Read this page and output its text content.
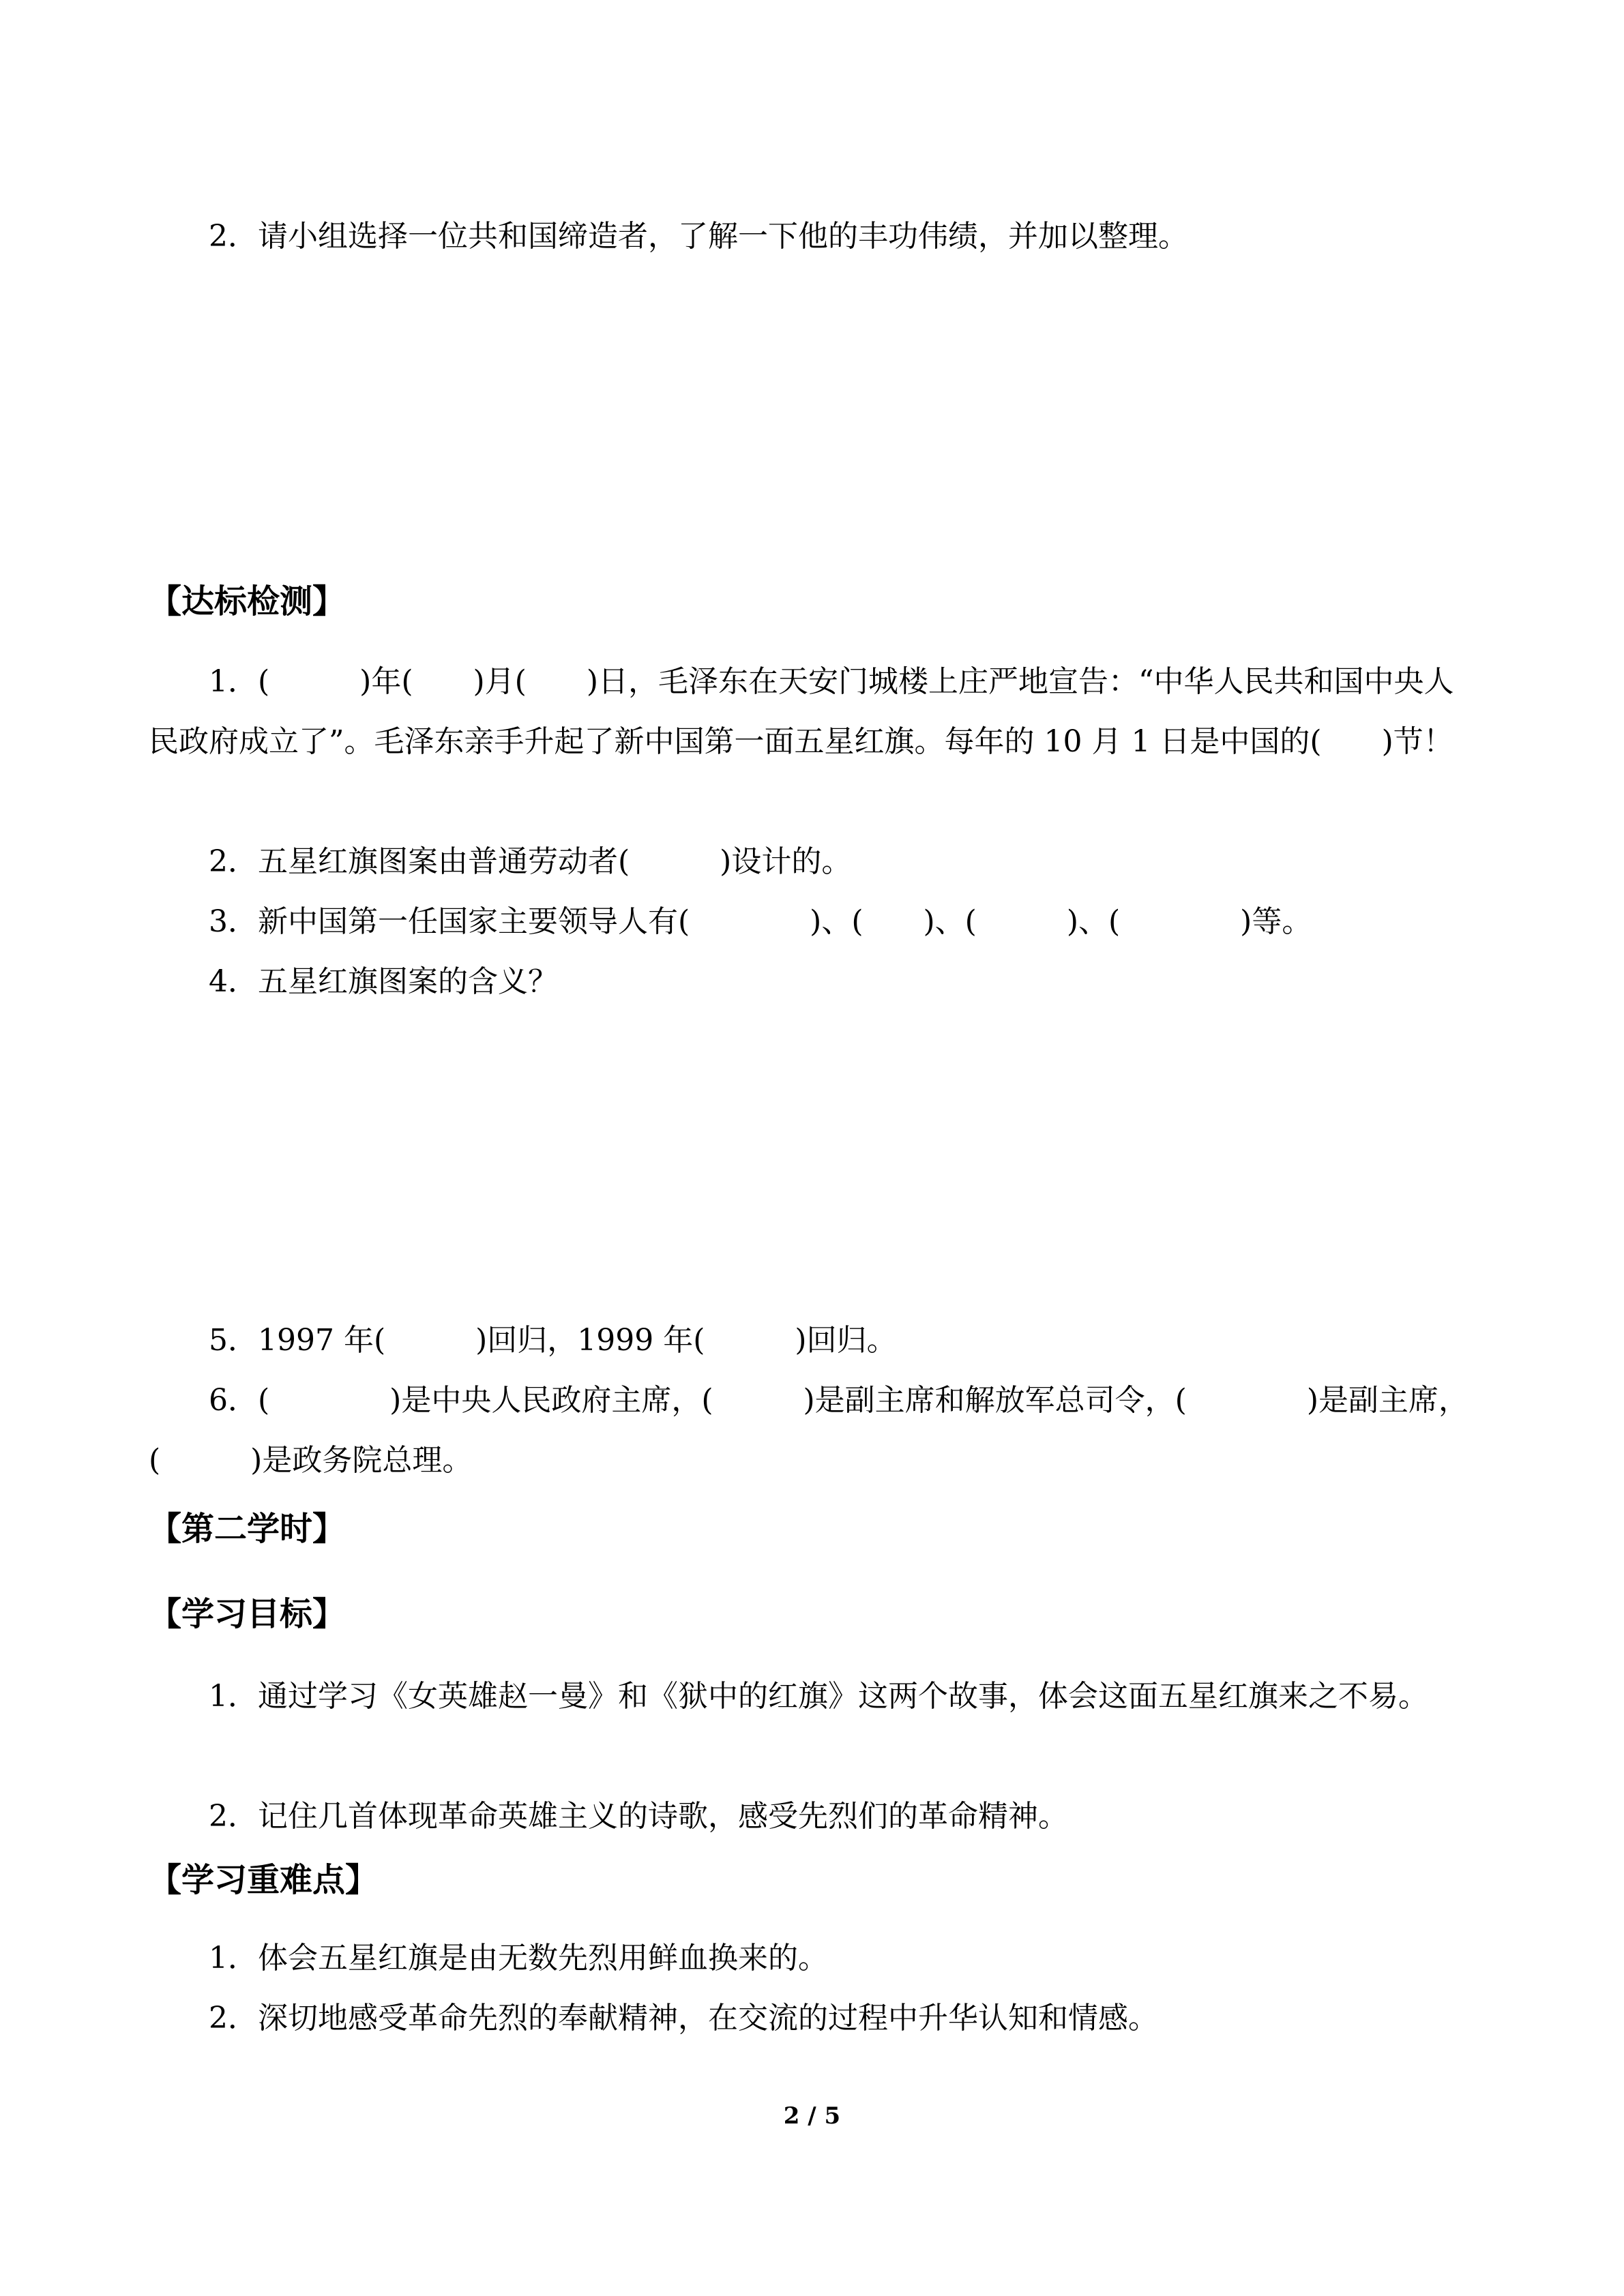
2．请小组选择一位共和国缔造者，了解一下他的丰功伟绩，并加以整理。

【达标检测】

1．(　　　)年(　　)月(　　)日，毛泽东在天安门城楼上庄严地宣告：“中华人民共和国中央人民政府成立了”。毛泽东亲手升起了新中国第一面五星红旗。每年的 10 月 1 日是中国的(　　)节！

2．五星红旗图案由普通劳动者(　　　)设计的。

3．新中国第一任国家主要领导人有(　　　　)、(　　)、(　　　)、(　　　　)等。

4．五星红旗图案的含义？

5．1997 年(　　　)回归，1999 年(　　　)回归。

6．(　　　　)是中央人民政府主席，(　　　)是副主席和解放军总司令，(　　　　)是副主席，(　　　)是政务院总理。

【第二学时】
【学习目标】

1．通过学习《女英雄赵一曼》和《狱中的红旗》这两个故事，体会这面五星红旗来之不易。

2．记住几首体现革命英雄主义的诗歌，感受先烈们的革命精神。

【学习重难点】

1．体会五星红旗是由无数先烈用鲜血换来的。

2．深切地感受革命先烈的奉献精神，在交流的过程中升华认知和情感。

2 / 5
